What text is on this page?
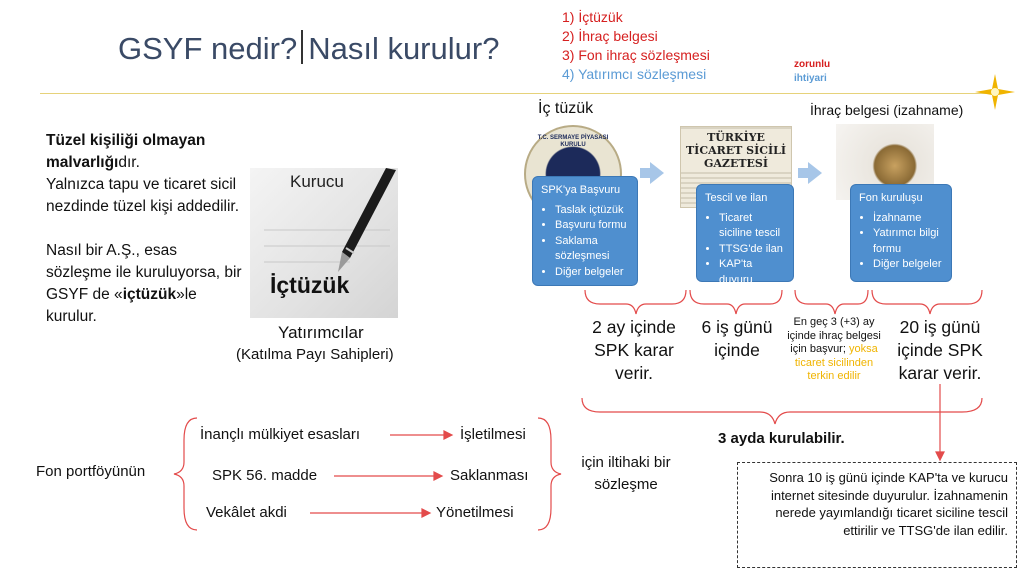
GSYF nedir? Nasıl kurulur?
1) İçtüzük
2) İhraç belgesi
3) Fon ihraç sözleşmesi
4) Yatırımcı sözleşmesi
zorunlu
ihtiyari

Tüzel kişiliği olmayan malvarlığıdır.
Yalnızca tapu ve ticaret sicil nezdinde tüzel kişi addedilir.

Nasıl bir A.Ş., esas sözleşme ile kuruluyorsa, bir GSYF de «içtüzük»le kurulur.

Kurucu
İçtüzük
Yatırımcılar
(Katılma Payı Sahipleri)
İç tüzük	İhraç belgesi (izahname)
T.C. SERMAYE PİYASASI KURULU
TÜRKİYE TİCARET SİCİLİ GAZETESİ
SPK'ya Başvuru
• Taslak içtüzük
• Başvuru formu
• Saklama sözleşmesi
• Diğer belgeler
Tescil ve ilan
• Ticaret siciline tescil
• TTSG'de ilan
• KAP'ta duyuru
Fon kuruluşu
• İzahname
• Yatırımcı bilgi formu
• Diğer belgeler
2 ay içinde SPK karar verir.
6 iş günü içinde
En geç 3 (+3) ay içinde ihraç belgesi için başvur; yoksa ticaret sicilinden terkin edilir
20 iş günü içinde SPK karar verir.
3 ayda kurulabilir.
Fon portföyünün
İnançlı mülkiyet esasları	İşletilmesi
SPK 56. madde	Saklanması
Vekâlet akdi	Yönetilmesi
için iltihaki bir sözleşme	Sonra 10 iş günü içinde KAP'ta ve kurucu internet sitesinde duyurulur. İzahnamenin nerede yayımlandığı ticaret siciline tescil ettirilir ve TTSG'de ilan edilir.
